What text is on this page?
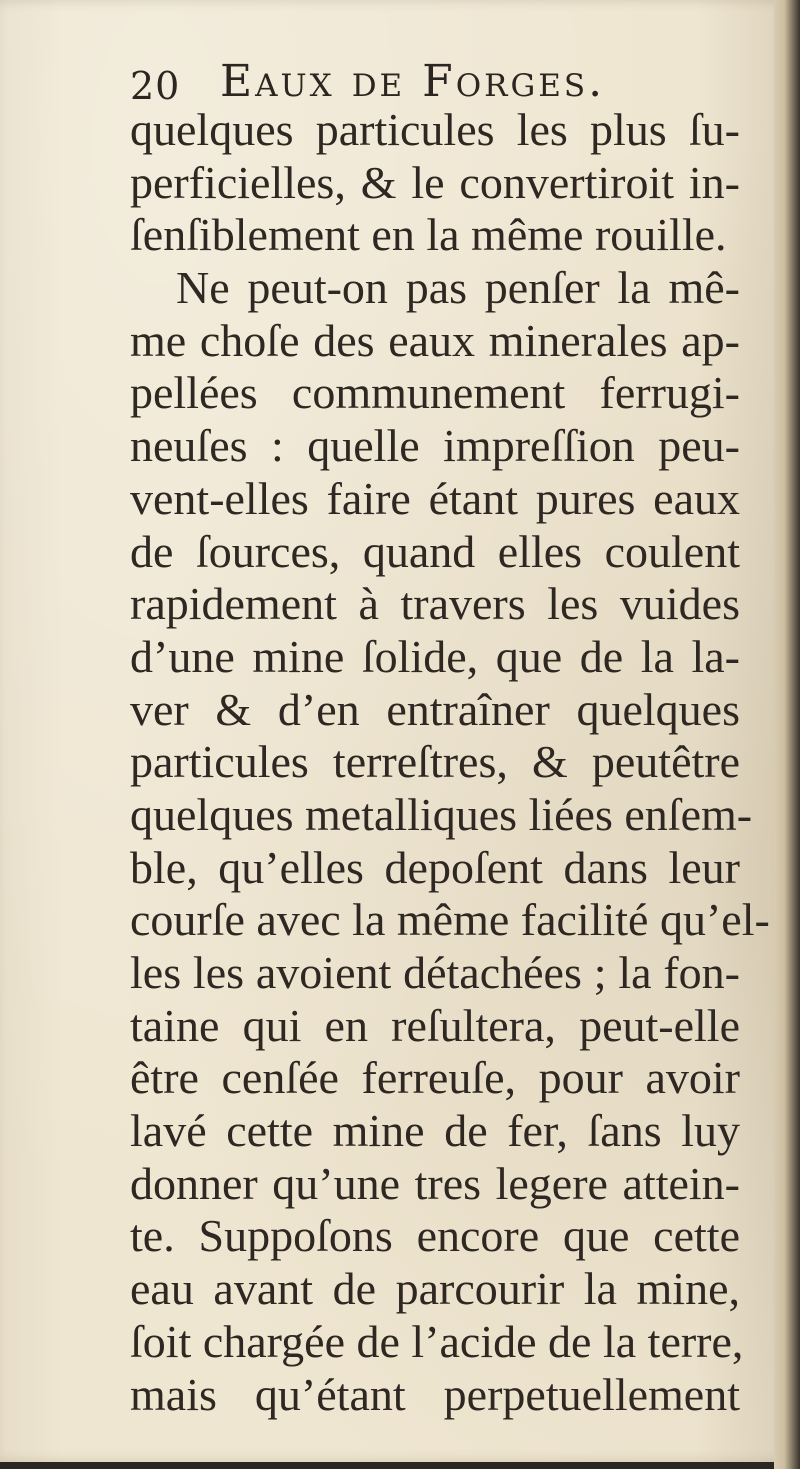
20 Eaux de Forges.
quelques particules les plus ſu-
perficielles, & le convertiroit in-
ſenſiblement en la même rouille.
Ne peut-on pas penſer la mê-
me choſe des eaux minerales ap-
pellées communement ferrugi-
neuſes : quelle impreſſion peu-
vent-elles faire étant pures eaux
de ſources, quand elles coulent
rapidement à travers les vuides
d’une mine ſolide, que de la la-
ver & d’en entraîner quelques
particules terreſtres, & peutêtre
quelques metalliques liées enſem-
ble, qu’elles depoſent dans leur
courſe avec la même facilité qu’el-
les les avoient détachées ; la fon-
taine qui en reſultera, peut-elle
être cenſée ferreuſe, pour avoir
lavé cette mine de fer, ſans luy
donner qu’une tres legere attein-
te. Suppoſons encore que cette
eau avant de parcourir la mine,
ſoit chargée de l’acide de la terre,
mais qu’étant perpetuellement
